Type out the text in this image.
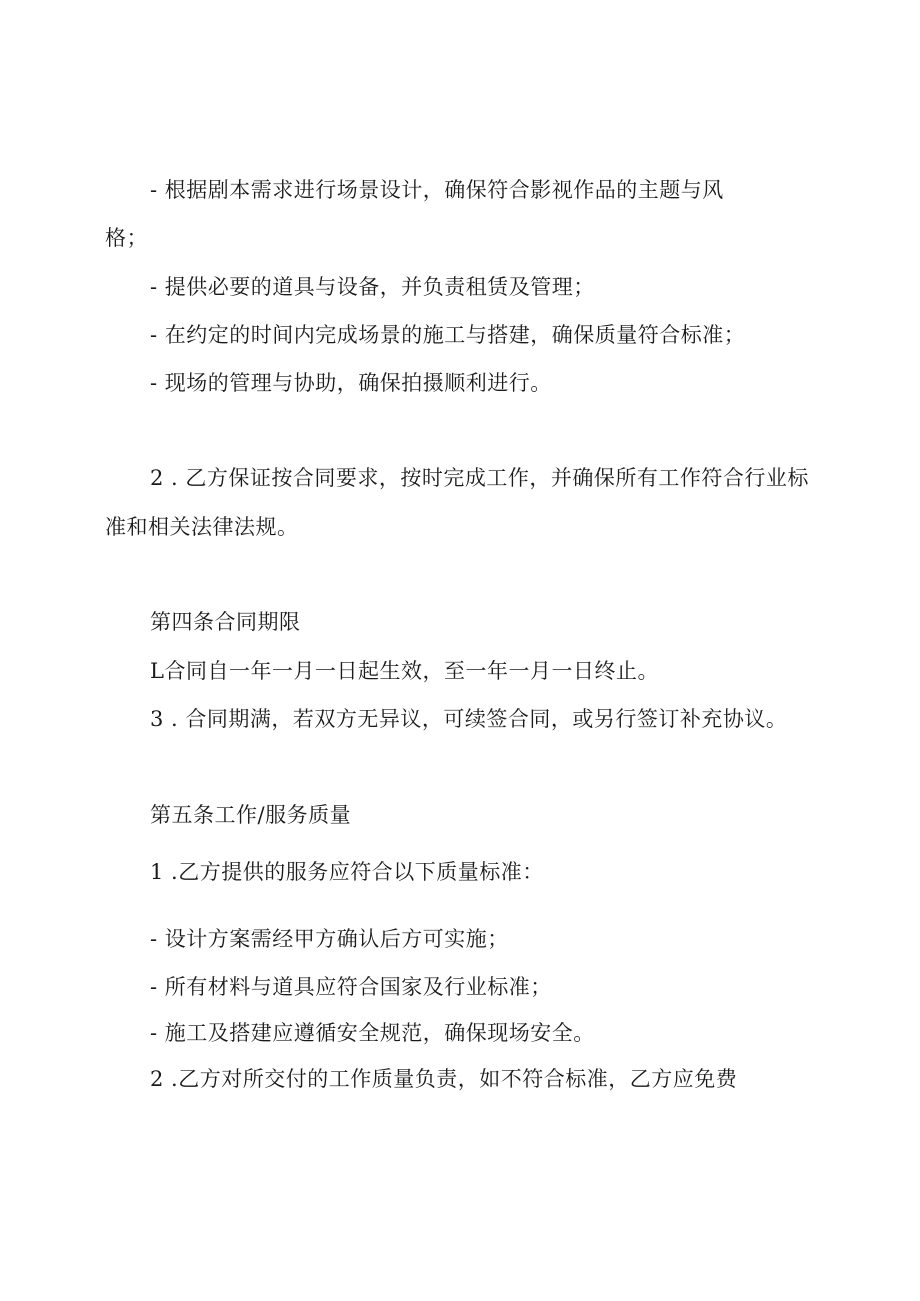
- 根据剧本需求进行场景设计，确保符合影视作品的主题与风
格；
- 提供必要的道具与设备，并负责租赁及管理；
- 在约定的时间内完成场景的施工与搭建，确保质量符合标准；
- 现场的管理与协助，确保拍摄顺利进行。
2 . 乙方保证按合同要求，按时完成工作，并确保所有工作符合行业标
准和相关法律法规。
第四条合同期限
L合同自一年一月一日起生效，至一年一月一日终止。
3 . 合同期满，若双方无异议，可续签合同，或另行签订补充协议。
第五条工作/服务质量
1 .乙方提供的服务应符合以下质量标准：
- 设计方案需经甲方确认后方可实施；
- 所有材料与道具应符合国家及行业标准；
- 施工及搭建应遵循安全规范，确保现场安全。
2 .乙方对所交付的工作质量负责，如不符合标准，乙方应免费
